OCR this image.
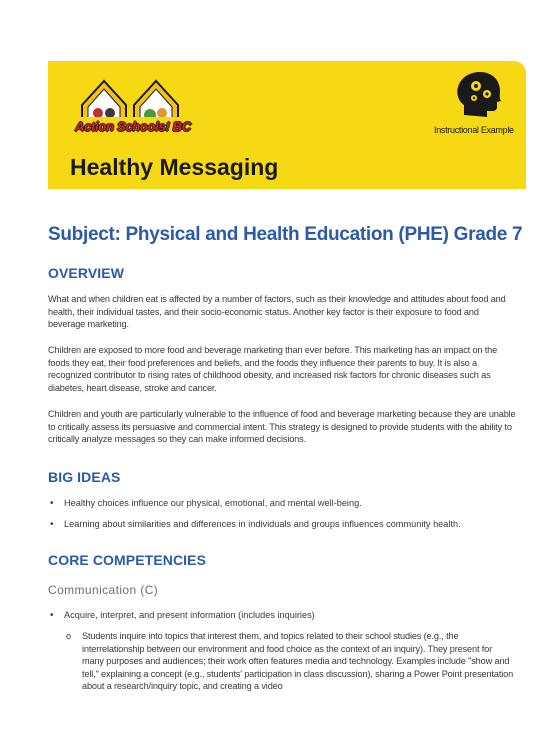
Action Schools! BC
Healthy Messaging
Instructional Example
Subject: Physical and Health Education (PHE) Grade 7
OVERVIEW

What and when children eat is affected by a number of factors, such as their knowledge and attitudes about food and health, their individual tastes, and their socio-economic status. Another key factor is their exposure to food and beverage marketing.

Children are exposed to more food and beverage marketing than ever before. This marketing has an impact on the foods they eat, their food preferences and beliefs, and the foods they influence their parents to buy. It is also a recognized contributor to rising rates of childhood obesity, and increased risk factors for chronic diseases such as diabetes, heart disease, stroke and cancer.

Children and youth are particularly vulnerable to the influence of food and beverage marketing because they are unable to critically assess its persuasive and commercial intent. This strategy is designed to provide students with the ability to critically analyze messages so they can make informed decisions.

BIG IDEAS
• Healthy choices influence our physical, emotional, and mental well-being.
• Learning about similarities and differences in individuals and groups influences community health.
CORE COMPETENCIES
Communication (C)
• Acquire, interpret, and present information (includes inquiries)
o Students inquire into topics that interest them, and topics related to their school studies (e.g., the interrelationship between our environment and food choice as the context of an inquiry). They present for many purposes and audiences; their work often features media and technology. Examples include "show and tell," explaining a concept (e.g., students' participation in class discussion), sharing a Power Point presentation about a research/inquiry topic, and creating a video
